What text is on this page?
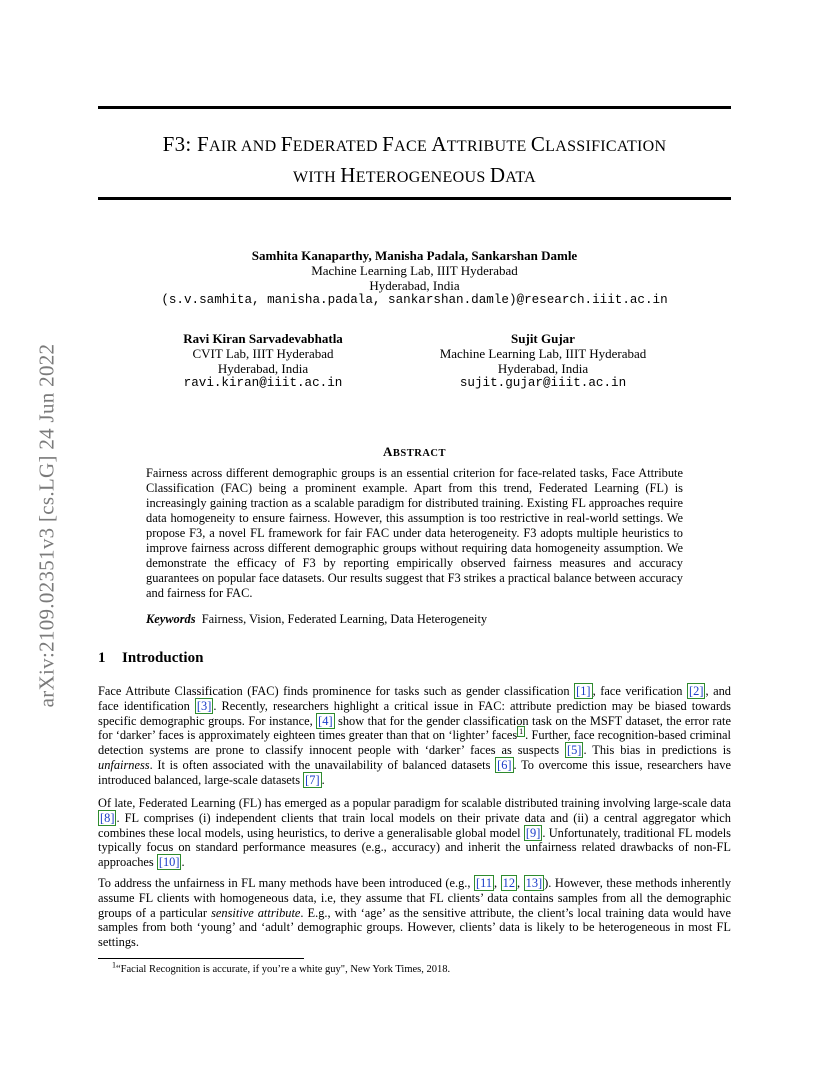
arXiv:2109.02351v3 [cs.LG] 24 Jun 2022
F3: FAIR AND FEDERATED FACE ATTRIBUTE CLASSIFICATION
WITH HETEROGENEOUS DATA
Samhita Kanaparthy, Manisha Padala, Sankarshan Damle
Machine Learning Lab, IIIT Hyderabad
Hyderabad, India
(s.v.samhita, manisha.padala, sankarshan.damle)@research.iiit.ac.in
Ravi Kiran Sarvadevabhatla
CVIT Lab, IIIT Hyderabad
Hyderabad, India
ravi.kiran@iiit.ac.in
Sujit Gujar
Machine Learning Lab, IIIT Hyderabad
Hyderabad, India
sujit.gujar@iiit.ac.in
ABSTRACT

Fairness across different demographic groups is an essential criterion for face-related tasks, Face Attribute Classification (FAC) being a prominent example. Apart from this trend, Federated Learning (FL) is increasingly gaining traction as a scalable paradigm for distributed training. Existing FL approaches require data homogeneity to ensure fairness. However, this assumption is too restrictive in real-world settings. We propose F3, a novel FL framework for fair FAC under data heterogeneity. F3 adopts multiple heuristics to improve fairness across different demographic groups without requiring data homogeneity assumption. We demonstrate the efficacy of F3 by reporting empirically observed fairness measures and accuracy guarantees on popular face datasets. Our results suggest that F3 strikes a practical balance between accuracy and fairness for FAC.

Keywords Fairness, Vision, Federated Learning, Data Heterogeneity

1 Introduction

Face Attribute Classification (FAC) finds prominence for tasks such as gender classification [1] , face verification [2] , and face identification [3] . Recently, researchers highlight a critical issue in FAC: attribute prediction may be biased towards specific demographic groups. For instance, [4] show that for the gender classification task on the MSFT dataset, the error rate for ‘darker’ faces is approximately eighteen times greater than that on ‘lighter’ faces $^1$ . Further, face recognition-based criminal detection systems are prone to classify innocent people with ‘darker’ faces as suspects [5] . This bias in predictions is unfairness. It is often associated with the unavailability of balanced datasets [6] . To overcome this issue, researchers have introduced balanced, large-scale datasets [7] .

Of late, Federated Learning (FL) has emerged as a popular paradigm for scalable distributed training involving large-scale data [8] . FL comprises (i) independent clients that train local models on their private data and (ii) a central aggregator which combines these local models, using heuristics, to derive a generalisable global model [9] . Unfortunately, traditional FL models typically focus on standard performance measures (e.g., accuracy) and inherit the unfairness related drawbacks of non-FL approaches [10] .

To address the unfairness in FL many methods have been introduced (e.g., [11 , 12 , 13] ). However, these methods inherently assume FL clients with homogeneous data, i.e, they assume that FL clients’ data contains samples from all the demographic groups of a particular sensitive attribute. E.g., with ‘age’ as the sensitive attribute, the client’s local training data would have samples from both ‘young’ and ‘adult’ demographic groups. However, clients’ data is likely to be heterogeneous in most FL settings.

$^1$“Facial Recognition is accurate, if you’re a white guy", New York Times, 2018.
